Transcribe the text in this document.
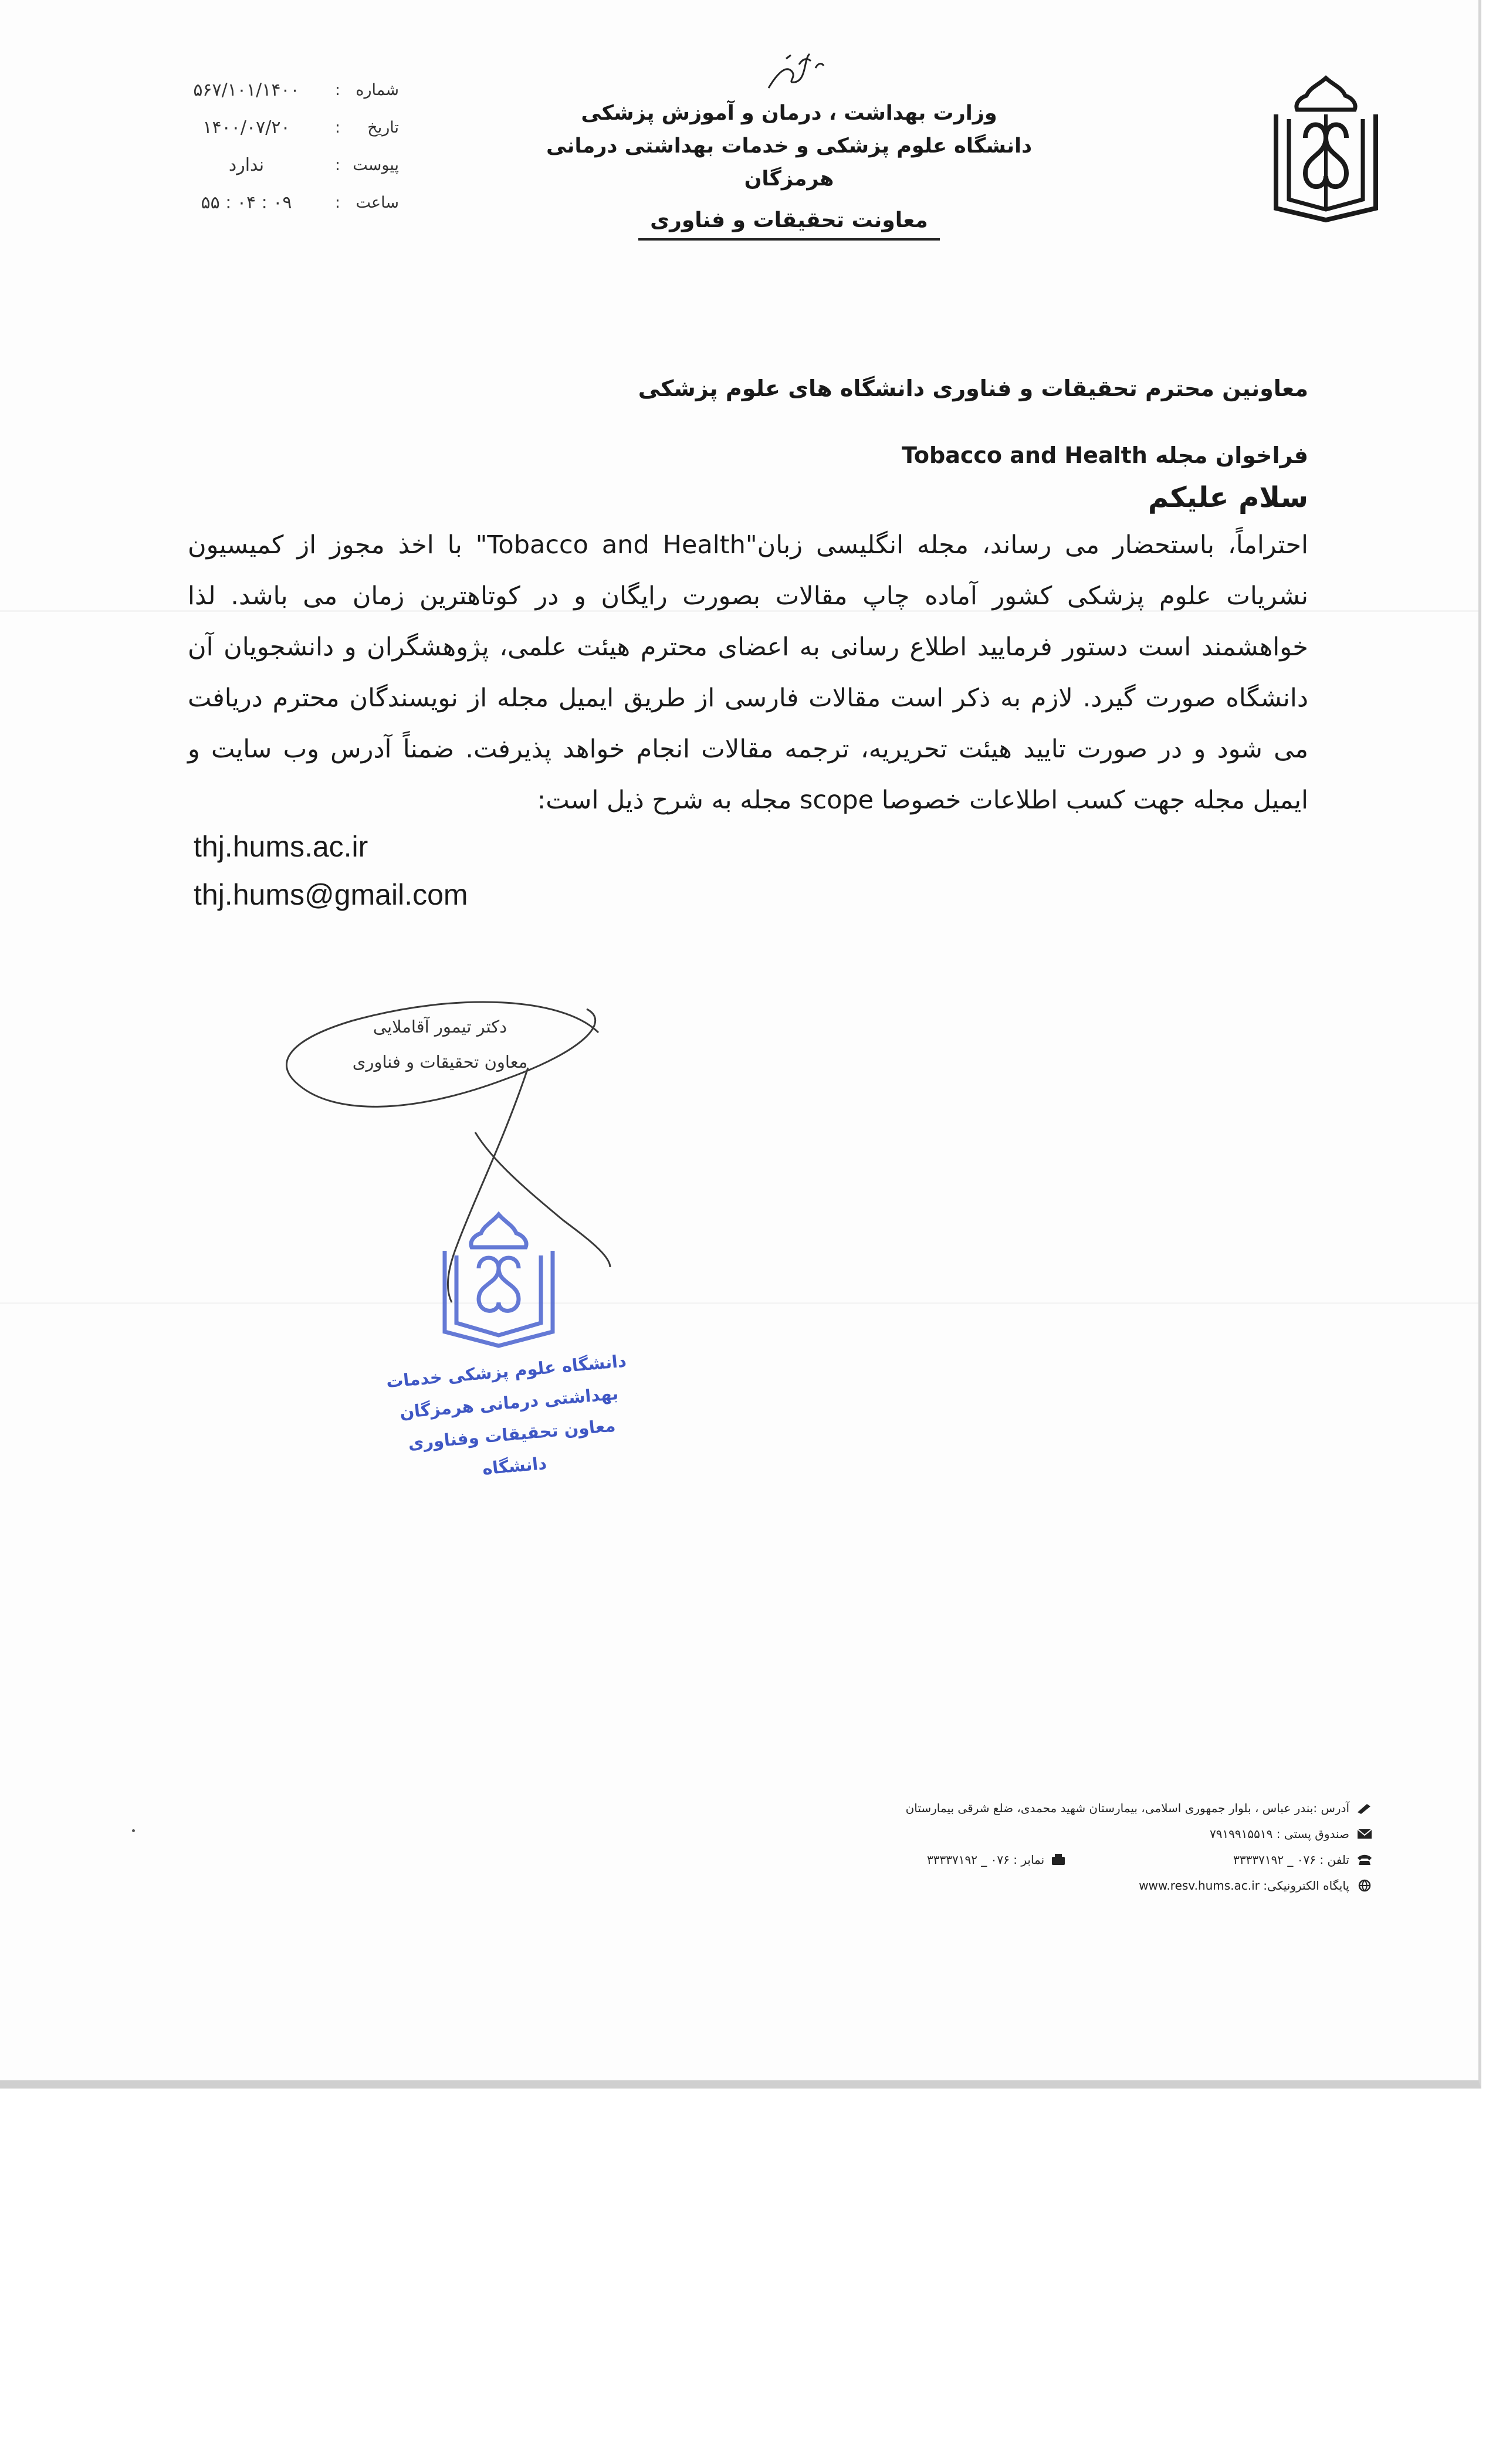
شماره
:
۵۶۷/۱۰۱/۱۴۰۰
تاریخ
:
۱۴۰۰/۰۷/۲۰
پیوست
:
ندارد
ساعت
:
۰۹ : ۰۴ : ۵۵
وزارت بهداشت ، درمان و آموزش پزشکی
دانشگاه علوم پزشکی و خدمات بهداشتی درمانی هرمزگان
معاونت تحقیقات و فناوری

معاونین محترم تحقیقات و فناوری دانشگاه های علوم پزشکی

فراخوان مجله Tobacco and Health

سلام علیکم

احتراماً، باستحضار می رساند، مجله انگلیسی زبان"Tobacco and Health" با اخذ مجوز از کمیسیون نشریات علوم پزشکی کشور آماده چاپ مقالات بصورت رایگان و در کوتاهترین زمان می باشد. لذا خواهشمند است دستور فرمایید اطلاع رسانی به اعضای محترم هیئت علمی، پژوهشگران و دانشجویان آن دانشگاه صورت گیرد. لازم به ذکر است مقالات فارسی از طریق ایمیل مجله از نویسندگان محترم دریافت می شود و در صورت تایید هیئت تحریریه، ترجمه مقالات انجام خواهد پذیرفت. ضمناً آدرس وب سایت و ایمیل مجله جهت کسب اطلاعات خصوصا scope مجله به شرح ذیل است:

thj.hums.ac.ir
thj.hums@gmail.com
دکتر تیمور آقاملایی
معاون تحقیقات و فناوری
دانشگاه علوم پزشکی خدمات بهداشتی درمانی هرمزگان
معاون تحقیقات وفناوری دانشگاه
آدرس :بندر عباس ، بلوار جمهوری اسلامی، بیمارستان شهید محمدی، ضلع شرقی بیمارستان
صندوق پستی : ۷۹۱۹۹۱۵۵۱۹
تلفن : ۰۷۶ _ ۳۳۳۳۷۱۹۲
نمابر : ۰۷۶ _ ۳۳۳۳۷۱۹۲
پایگاه الکترونیکی: www.resv.hums.ac.ir
